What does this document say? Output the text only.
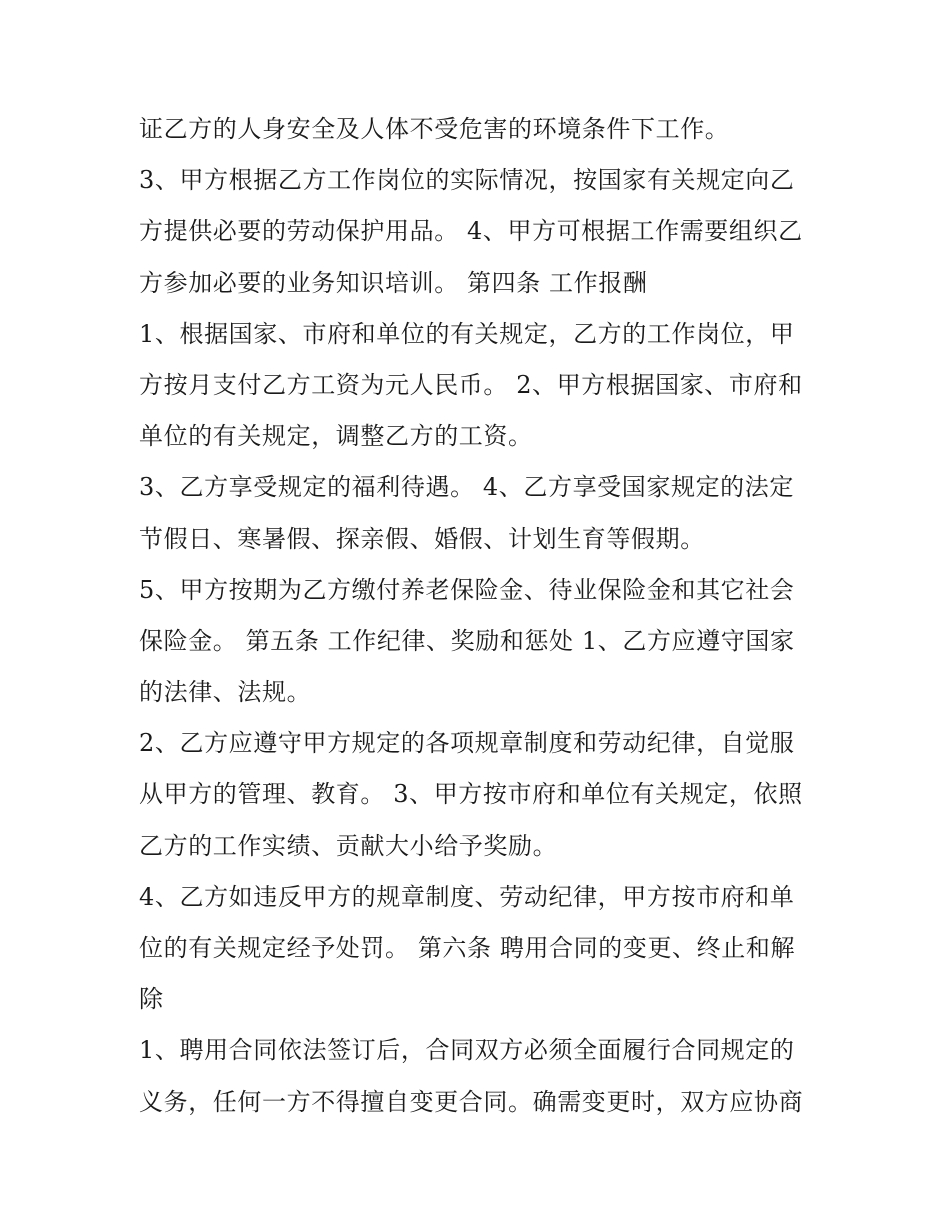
证乙方的人身安全及人体不受危害的环境条件下工作。
3、甲方根据乙方工作岗位的实际情况，按国家有关规定向乙
方提供必要的劳动保护用品。 4、甲方可根据工作需要组织乙
方参加必要的业务知识培训。 第四条 工作报酬
1、根据国家、市府和单位的有关规定，乙方的工作岗位，甲
方按月支付乙方工资为元人民币。 2、甲方根据国家、市府和
单位的有关规定，调整乙方的工资。
3、乙方享受规定的福利待遇。 4、乙方享受国家规定的法定
节假日、寒暑假、探亲假、婚假、计划生育等假期。
5、甲方按期为乙方缴付养老保险金、待业保险金和其它社会
保险金。 第五条 工作纪律、奖励和惩处 1、乙方应遵守国家
的法律、法规。
2、乙方应遵守甲方规定的各项规章制度和劳动纪律，自觉服
从甲方的管理、教育。 3、甲方按市府和单位有关规定，依照
乙方的工作实绩、贡献大小给予奖励。
4、乙方如违反甲方的规章制度、劳动纪律，甲方按市府和单
位的有关规定经予处罚。 第六条 聘用合同的变更、终止和解
除
1、聘用合同依法签订后，合同双方必须全面履行合同规定的
义务，任何一方不得擅自变更合同。确需变更时，双方应协商
